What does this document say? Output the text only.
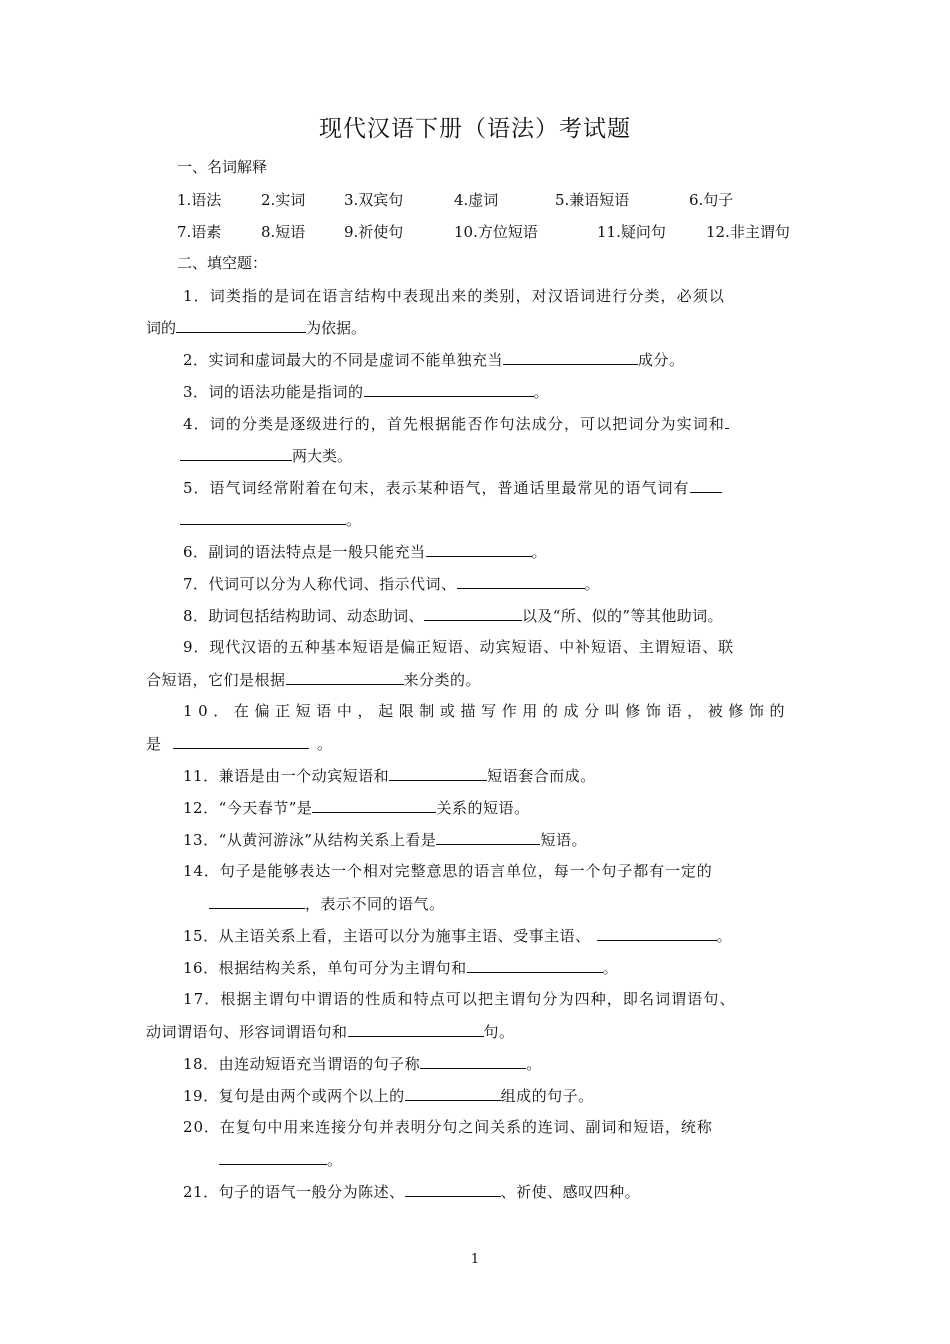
现代汉语下册（语法）考试题
一、名词解释
1.语法	2.实词	3.双宾句	4.虚词	5.兼语短语	6.句子
7.语素	8.短语	9.祈使句	10.方位短语	11.疑问句	12.非主谓句
二、填空题：
1．词类指的是词在语言结构中表现出来的类别，对汉语词进行分类，必须以
词的	为依据。
2．实词和虚词最大的不同是虚词不能单独充当	成分。
3．词的语法功能是指词的	。
4．词的分类是逐级进行的，首先根据能否作句法成分，可以把词分为实词和
两大类。
5．语气词经常附着在句末，表示某种语气，普通话里最常见的语气词有
。
6．副词的语法特点是一般只能充当	。
7．代词可以分为人称代词、指示代词、	。
8．助词包括结构助词、动态助词、	以及“所、似的”等其他助词。
9．现代汉语的五种基本短语是偏正短语、动宾短语、中补短语、主谓短语、联
合短语，它们是根据	来分类的。
10．在偏正短语中，起限制或描写作用的成分叫修饰语，被修饰的
是	。
11．兼语是由一个动宾短语和	短语套合而成。
12．“今天春节”是	关系的短语。
13．“从黄河游泳”从结构关系上看是	短语。
14．句子是能够表达一个相对完整意思的语言单位，每一个句子都有一定的
，表示不同的语气。
15．从主语关系上看，主语可以分为施事主语、受事主语、	。
16．根据结构关系，单句可分为主谓句和	。
17．根据主谓句中谓语的性质和特点可以把主谓句分为四种，即名词谓语句、
动词谓语句、形容词谓语句和	句。
18．由连动短语充当谓语的句子称	。
19．复句是由两个或两个以上的	组成的句子。
20．在复句中用来连接分句并表明分句之间关系的连词、副词和短语，统称
。
21．句子的语气一般分为陈述、	、祈使、感叹四种。
1
